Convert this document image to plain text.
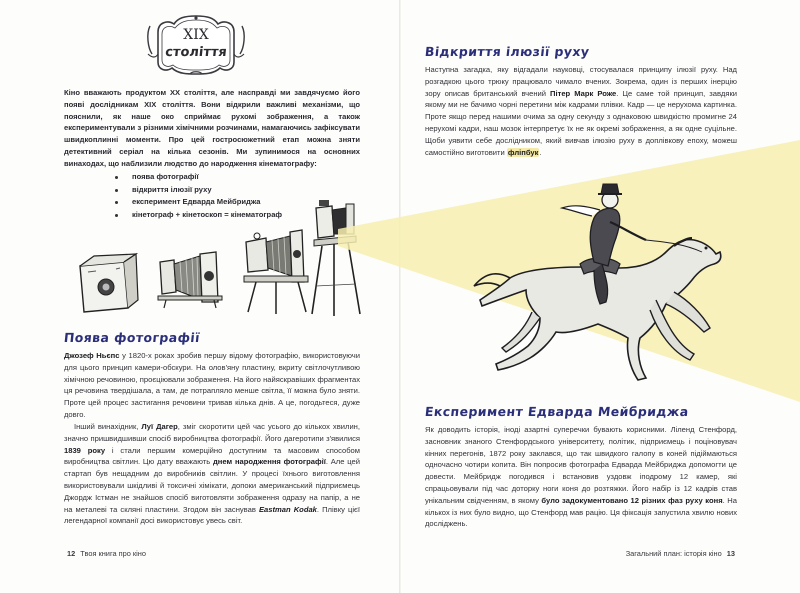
XIX
століття

Кіно вважають продуктом XX століття, але насправді ми завдячуємо його появі дослідникам XIX століття. Вони відкрили важливі механізми, що пояснили, як наше око сприймає рухомі зображення, а також експериментували з різними хімічними розчинами, намагаючись зафіксувати швидкоплинні моменти. Про цей гостросюжетний етап можна зняти детективний серіал на кілька сезонів. Ми зупинимося на основних винаходах, що наблизили людство до народження кінематографу:

поява фотографії
відкриття ілюзії руху
експеримент Едварда Мейбриджа
кінетограф + кінетоскоп = кінематограф
Поява фотографії

Джозеф Ньєпс у 1820-х роках зробив першу відому фотографію, використовуючи для цього принцип камери-обскури. На олов'яну пластину, вкриту світлочутливою хімічною речовиною, проєціювали зображення. На його найяскравіших фрагментах ця речовина твердішала, а там, де потрапляло менше світла, її можна було зняти. Проте цей процес застигання речовини тривав кілька днів. А це, погодьтеся, дуже довго.

Інший винахідник, Луї Дагер, зміг скоротити цей час усього до кількох хвилин, значно пришвидшивши спосіб виробництва фотографії. Його дагеротипи з'явилися 1839 року і стали першим комерційно доступним та масовим способом виробництва світлин. Цю дату вважають днем народження фотографії. Але цей стартап був нещадним до виробників світлин. У процесі їхнього виготовлення використовували шкідливі й токсичні хімікати, допоки американський підприємець Джордж Істман не знайшов спосіб виготовляти зображення одразу на папір, а не на металеві та скляні пластини. Згодом він заснував Eastman Kodak. Плівку цієї легендарної компанії досі використовує увесь світ.

12 Твоя книга про кіно
Відкриття ілюзії руху

Наступна загадка, яку відгадали науковці, стосувалася принципу ілюзії руху. Над розгадкою цього трюку працювало чимало вчених. Зокрема, один із перших інерцію зору описав британський вчений Пітер Марк Роже. Це саме той принцип, завдяки якому ми не бачимо чорні перетини між кадрами плівки. Кадр — це нерухома картинка. Проте якщо перед нашими очима за одну секунду з однаковою швидкістю промигне 24 нерухомі кадри, наш мозок інтерпретує їх не як окремі зображення, а як одне суцільне. Щоби уявити себе дослідником, який вивчав ілюзію руху в доплівкову епоху, можеш самостійно виготовити флiпбук.

Експеримент Едварда Мейбриджа

Як доводить історія, іноді азартні суперечки бувають корисними. Ліленд Стенфорд, засновник знаного Стенфордського університету, політик, підприємець і поціновувач кінних перегонів, 1872 року заклався, що так швидкого галопу в коней підіймаються одночасно чотири копита. Він попросив фотографа Едварда Мейбриджа допомогти це довести. Мейбридж погодився і встановив уздовж іподрому 12 камер, які спрацьовували під час доторку ноги коня до розтяжки. Його набір із 12 кадрів став унікальним свідченням, в якому було задокументовано 12 різних фаз руху коня. На кількох із них було видно, що Стенфорд мав рацію. Ця фіксація запустила хвилю нових досліджень.

Загальний план: історія кіно 13
